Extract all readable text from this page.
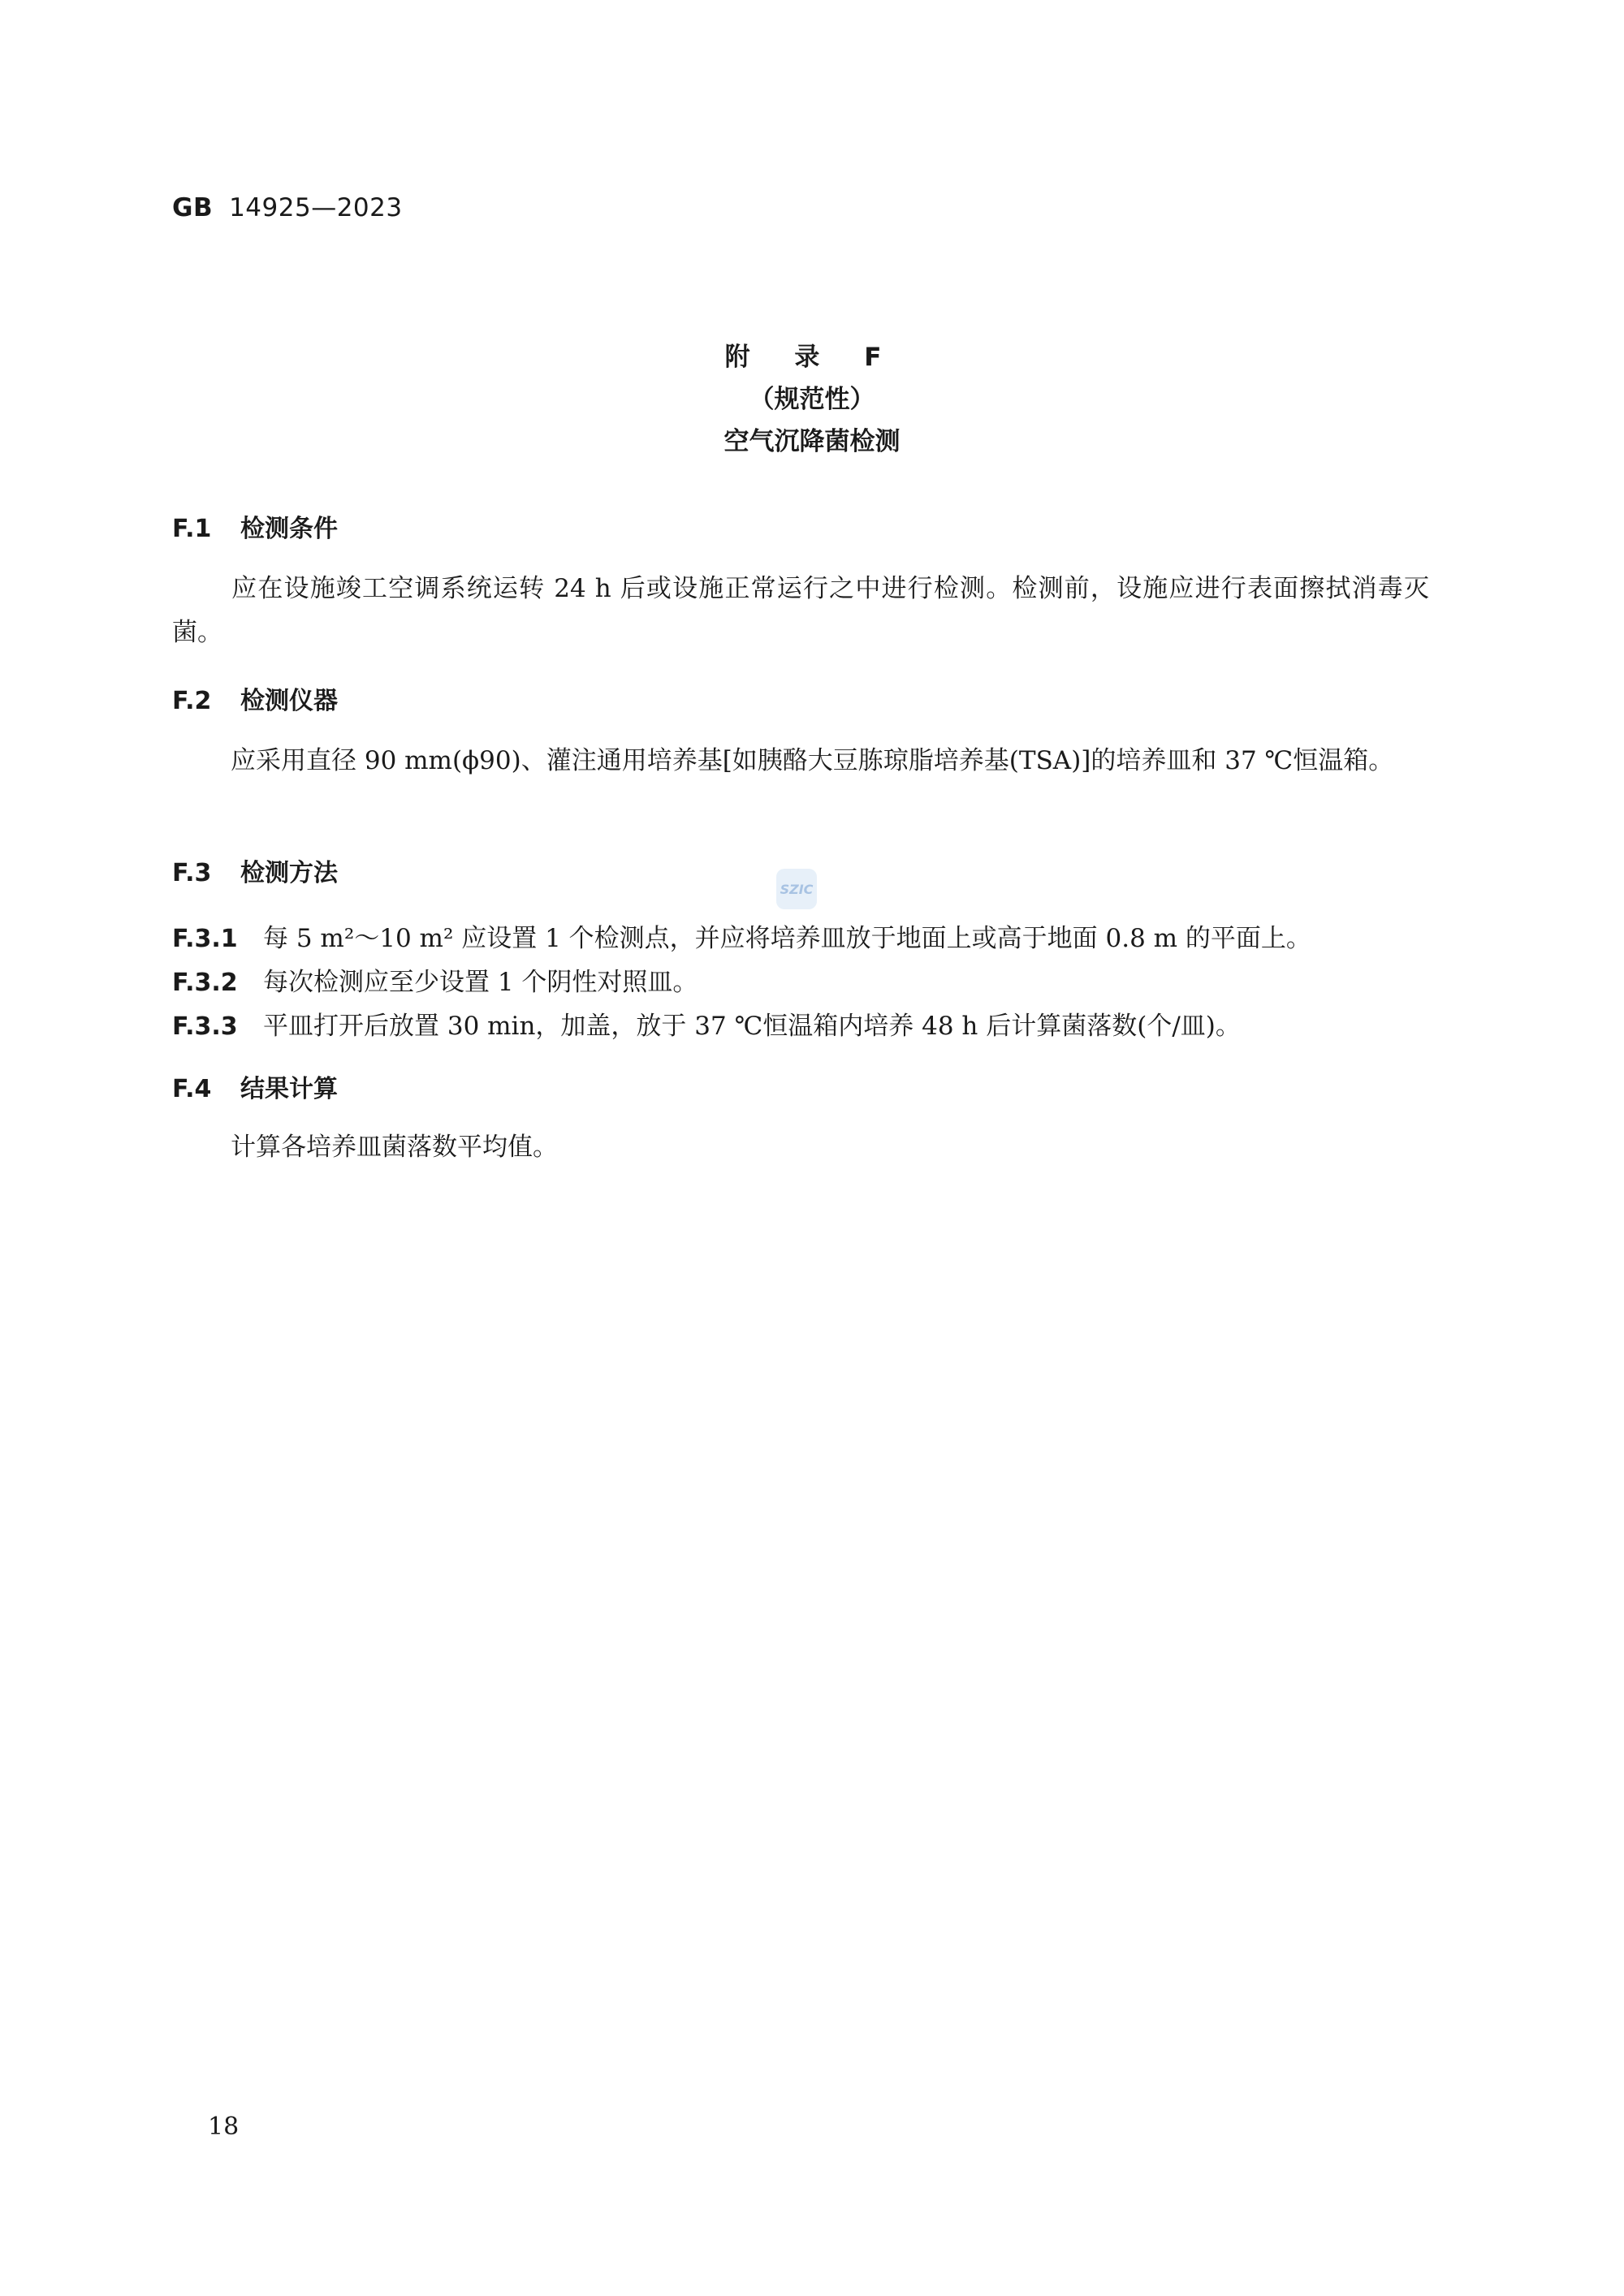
GB 14925—2023
附 录 F
（规范性）
空气沉降菌检测
F.1 检测条件
应在设施竣工空调系统运转 24 h 后或设施正常运行之中进行检测。检测前，设施应进行表面擦拭消毒灭菌。
F.2 检测仪器
应采用直径 90 mm(ϕ90)、灌注通用培养基[如胰酪大豆胨琼脂培养基(TSA)]的培养皿和 37 ℃恒温箱。
F.3 检测方法
SZIC
F.3.1 每 5 m²～10 m² 应设置 1 个检测点，并应将培养皿放于地面上或高于地面 0.8 m 的平面上。
F.3.2 每次检测应至少设置 1 个阴性对照皿。
F.3.3 平皿打开后放置 30 min，加盖，放于 37 ℃恒温箱内培养 48 h 后计算菌落数(个/皿)。
F.4 结果计算
计算各培养皿菌落数平均值。
18
